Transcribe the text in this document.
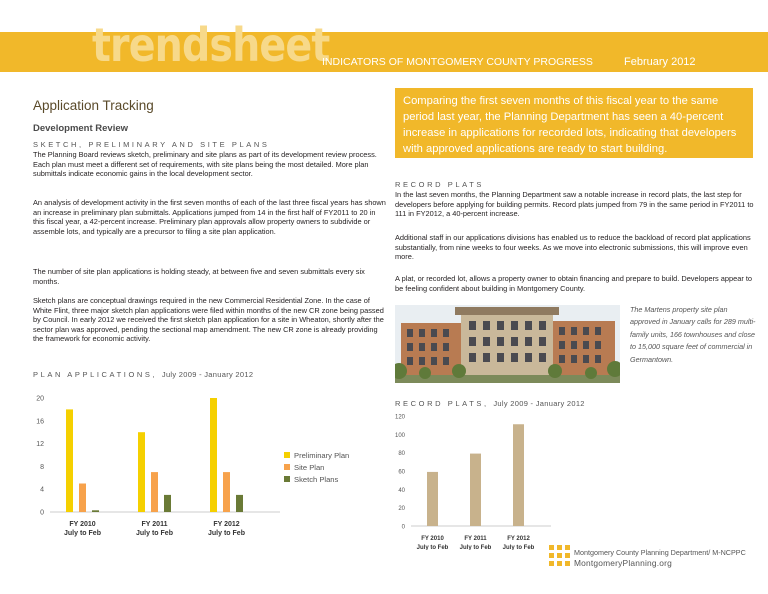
trendsheet
INDICATORS OF MONTGOMERY COUNTY PROGRESS	February 2012
Application Tracking
Development Review
SKETCH, PRELIMINARY AND SITE PLANS
The Planning Board reviews sketch, preliminary and site plans as part of its development review process. Each plan must meet a different set of requirements, with site plans being the most detailed. More plan submittals indicate economic gains in the local development sector.
An analysis of development activity in the first seven months of each of the last three fiscal years has shown an increase in preliminary plan submittals. Applications jumped from 14 in the first half of FY2011 to 20 in this fiscal year, a 42-percent increase. Preliminary plan approvals allow property owners to subdivide or assemble lots, and typically are a precursor to filing a site plan application.
The number of site plan applications is holding steady, at between five and seven submittals every six months.
Sketch plans are conceptual drawings required in the new Commercial Residential Zone. In the case of White Flint, three major sketch plan applications were filed within months of the new CR zone being passed by Council. In early 2012 we received the first sketch plan application for a site in Wheaton, shortly after the sector plan was approved, pending the sectional map amendment. The new CR zone is already providing the framework for economic activity.
PLAN APPLICATIONS, July 2009 - January 2012
0
4
8
12
16
20
FY 2010
July to Feb
FY 2011
July to Feb
FY 2012
July to Feb
Preliminary Plan
Site Plan
Sketch Plans
Comparing the first seven months of this fiscal year to the same period last year, the Planning Department has seen a 40-percent increase in applications for recorded lots, indicating that developers with approved applications are ready to start building.
RECORD PLATS
In the last seven months, the Planning Department saw a notable increase in record plats, the last step for developers before applying for building permits. Record plats jumped from 79 in the same period in FY2011 to 111 in FY2012, a 40-percent increase.
Additional staff in our applications divisions has enabled us to reduce the backload of record plat applications substantially, from nine weeks to four weeks. As we move into electronic submissions, this will improve even more.
A plat, or recorded lot, allows a property owner to obtain financing and prepare to build. Developers appear to be feeling confident about building in Montgomery County.
The Martens property site plan approved in January calls for 289 multi-family units, 166 townhouses and close to 15,000 square feet of commercial in Germantown.
RECORD PLATS, July 2009 - January 2012
0
20
40
60
80
100
120
FY 2010
July to Feb
FY 2011
July to Feb
FY 2012
July to Feb	Montgomery County Planning Department/ M-NCPPC
MontgomeryPlanning.org
